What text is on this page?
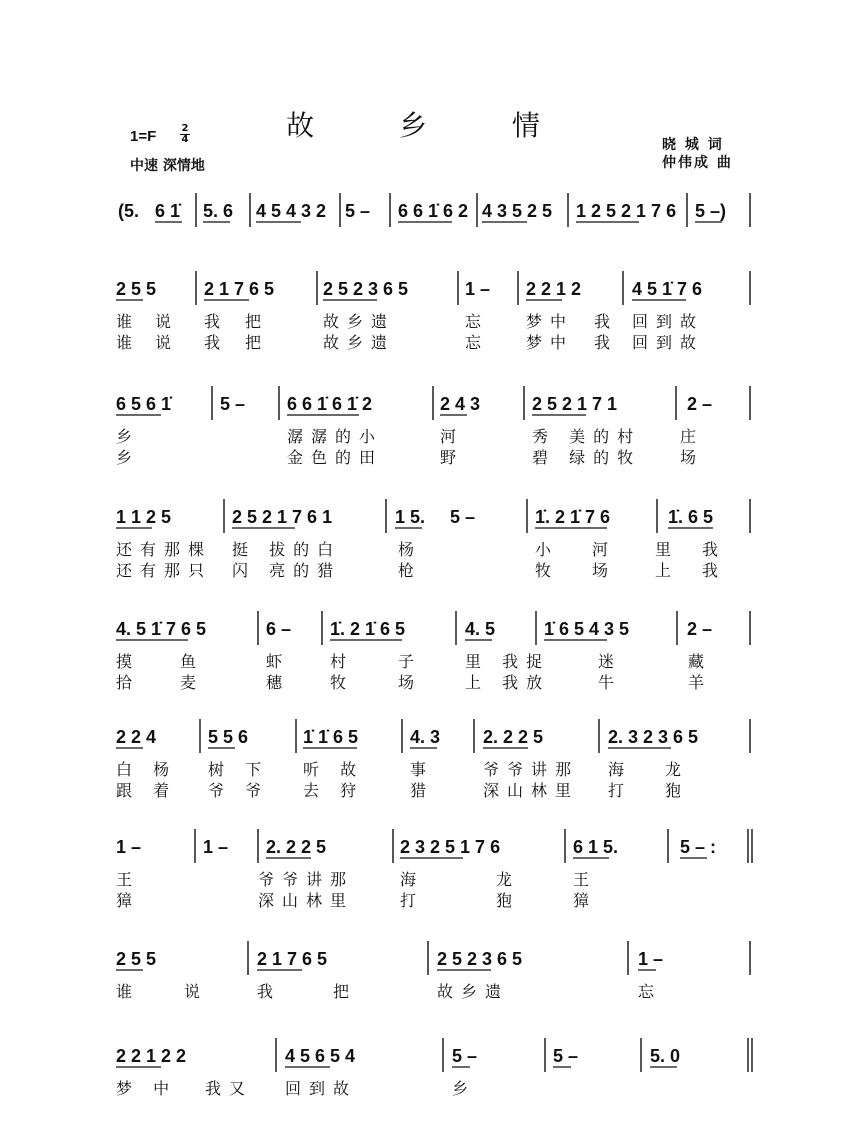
故 乡 情
1=F	2
4
中速 深情地
晓 城 词
仲伟成 曲
(5. 6 1̇ 5. 6 4 5 4 3 2 5 – 6 6 1̇ 6 2 4 3 5 2 5 1 2 5 2 1 7 6 5 –)
2 5 5	2 1 7 6 5	2 5 2 3 6 5	1 – 2 2 1 2	4 5 1̇ 7 6
谁 说 我 把	故乡遗	忘 梦中 我 回到故
谁 说 我 把	故乡遗	忘 梦中 我 回到故
6 5 6 1̇	5 – 6 6 1̇ 6 1̇ 2	2 4 3	2 5 2 1 7 1	2 –
乡	潺潺的小	河	秀 美的村 庄
乡	金色的田	野	碧 绿的牧 场
1 1 2 5	2 5 2 1 7 6 1	1 5. 5 –	1̇. 2 1̇ 7 6	1̇. 6 5
还有那棵 挺 拔的白	杨	小 河 里 我
还有那只 闪 亮的猎	枪	牧 场 上 我
4. 5 1̇ 7 6 5	6 – 1̇. 2 1̇ 6 5	4. 5	1̇ 6 5 4 3 5	2 –
摸 鱼	虾 村	子	里 我捉	迷	藏
拾 麦	穗 牧	场	上 我放	牛	羊
2 2 4	5 5 6	1̇ 1̇ 6 5	4. 3 2. 2 2 5	2. 3 2 3 6 5
白 杨 树 下 听 故	事	爷爷讲那 海 龙
跟 着 爷 爷 去 狩	猎	深山林里 打 狍
1 –	1 – 2. 2 2 5	2 3 2 5 1 7 6	6 1 5.	5 – :
王	爷爷讲那	海	龙	王
獐	深山林里	打	狍	獐
2 5 5	2 1 7 6 5	2 5 2 3 6 5	1 –
谁	说	我	把	故乡遗	忘
2 2 1 2 2	4 5 6 5 4	5 –	5 –	5. 0
梦 中 我又 回到故	乡
